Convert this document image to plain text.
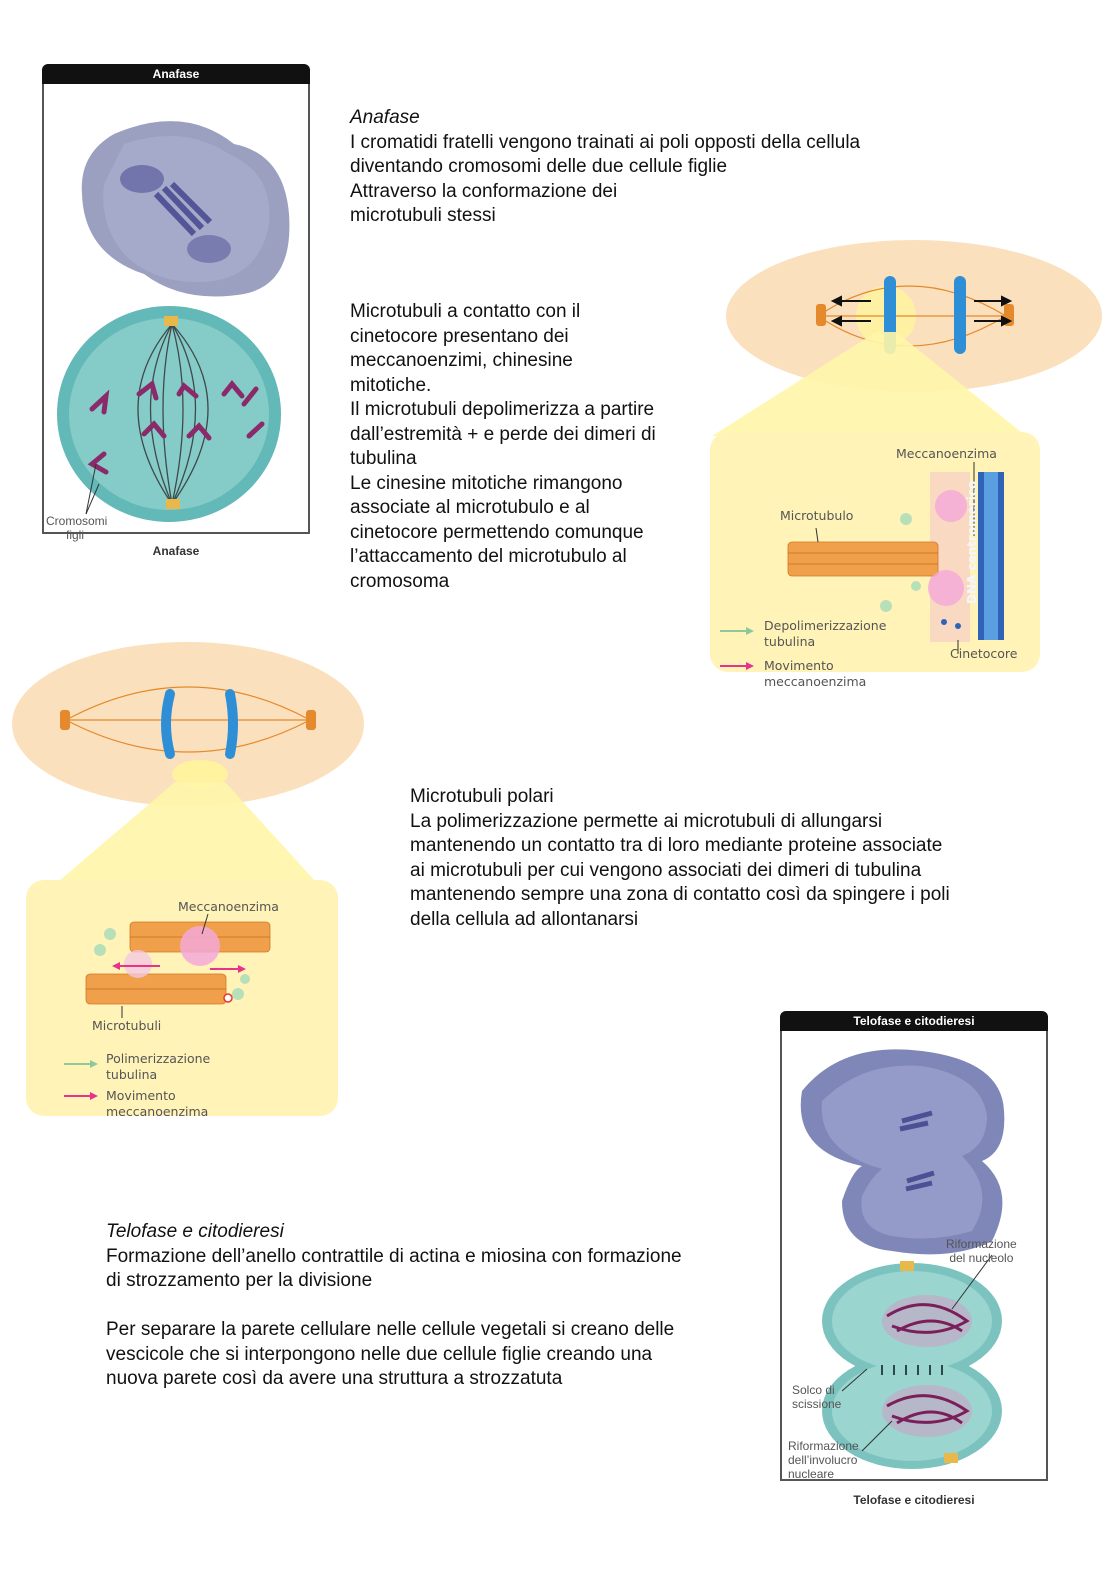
Anafase
Cromosomi
figli
Anafase
Anafase
I cromatidi fratelli vengono trainati ai poli opposti della cellula
diventando cromosomi delle due cellule figlie
Attraverso la conformazione dei
microtubuli stessi
Microtubuli a contatto con il
cinetocore presentano dei
meccanoenzimi, chinesine
mitotiche.
Il microtubuli depolimerizza a partire
dall’estremità + e perde dei dimeri di
tubulina
Le cinesine mitotiche rimangono
associate al microtubulo e al
cinetocore permettendo comunque
l’attaccamento del microtubulo al
cromosoma
Meccanoenzima
Microtubulo	DNA centromerico
Cinetocore
Depolimerizzazione
tubulina
Movimento
meccanoenzima
Meccanoenzima
Microtubuli
Polimerizzazione
tubulina
Movimento
meccanoenzima
Microtubuli polari
La polimerizzazione permette ai microtubuli di allungarsi
mantenendo un contatto tra di loro mediante proteine associate
ai microtubuli per cui vengono associati dei dimeri di tubulina
mantenendo sempre una zona di contatto così da spingere i poli
della cellula ad allontanarsi
Telofase e citodieresi
Formazione dell’anello contrattile di actina e miosina con formazione
di strozzamento per la divisione
Per separare la parete cellulare nelle cellule vegetali si creano delle
vescicole che si interpongono nelle due cellule figlie creando una
nuova parete così da avere una struttura a strozzatuta
Telofase e citodieresi
Riformazione
del nucleolo
Solco di
scissione
Riformazione
dell’involucro
nucleare
Telofase e citodieresi
